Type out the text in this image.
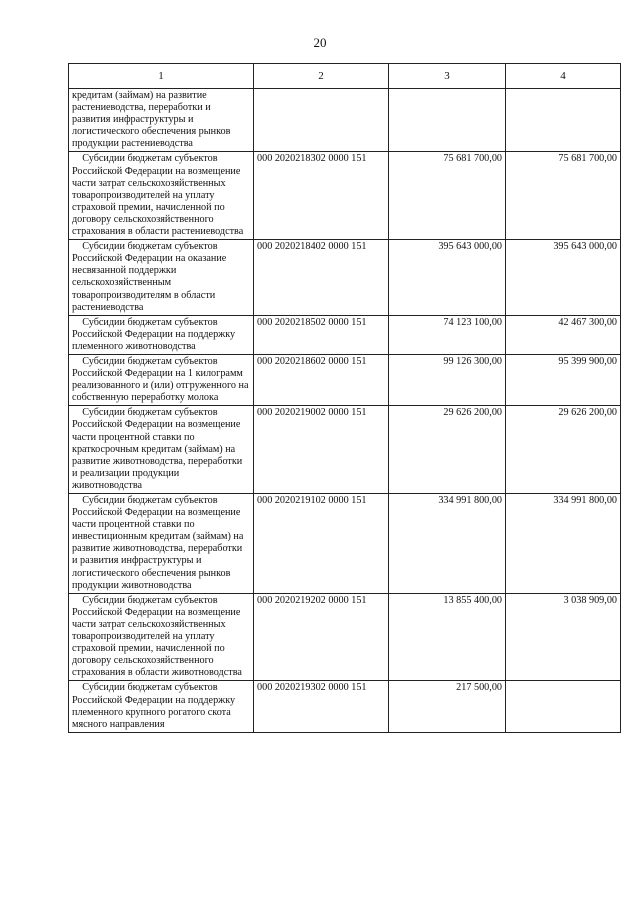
20
1	2	3	4
кредитам (займам) на развитие растениеводства, переработки и развития инфраструктуры и логистического обеспечения рынков продукции растениеводства			
Субсидии бюджетам субъектов Российской Федерации на возмещение части затрат сельскохозяйственных товаропроизводителей на уплату страховой премии, начисленной по договору сельскохозяйственного страхования в области растениеводства	000 2020218302 0000 151	75 681 700,00	75 681 700,00
Субсидии бюджетам субъектов Российской Федерации на оказание несвязанной поддержки сельскохозяйственным товаропроизводителям в области растениеводства	000 2020218402 0000 151	395 643 000,00	395 643 000,00
Субсидии бюджетам субъектов Российской Федерации на поддержку племенного животноводства	000 2020218502 0000 151	74 123 100,00	42 467 300,00
Субсидии бюджетам субъектов Российской Федерации на 1 килограмм реализованного и (или) отгруженного на собственную переработку молока	000 2020218602 0000 151	99 126 300,00	95 399 900,00
Субсидии бюджетам субъектов Российской Федерации на возмещение части процентной ставки по краткосрочным кредитам (займам) на развитие животноводства, переработки и реализации продукции животноводства	000 2020219002 0000 151	29 626 200,00	29 626 200,00
Субсидии бюджетам субъектов Российской Федерации на возмещение части процентной ставки по инвестиционным кредитам (займам) на развитие животноводства, переработки и развития инфраструктуры и логистического обеспечения рынков продукции животноводства	000 2020219102 0000 151	334 991 800,00	334 991 800,00
Субсидии бюджетам субъектов Российской Федерации на возмещение части затрат сельскохозяйственных товаропроизводителей на уплату страховой премии, начисленной по договору сельскохозяйственного страхования в области животноводства	000 2020219202 0000 151	13 855 400,00	3 038 909,00
Субсидии бюджетам субъектов Российской Федерации на поддержку племенного крупного рогатого скота мясного направления	000 2020219302 0000 151	217 500,00	
